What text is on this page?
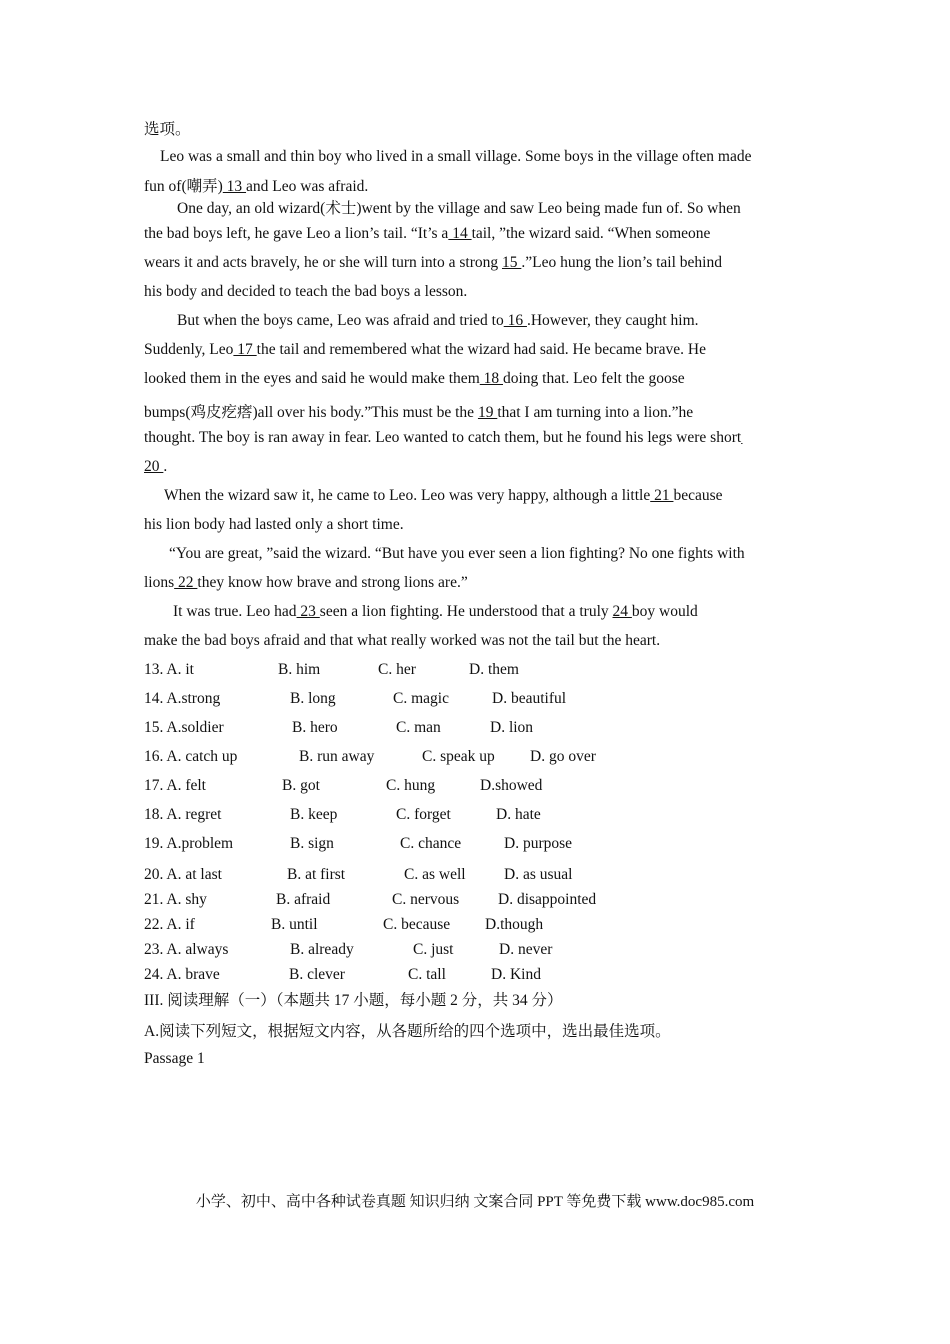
选项。
Leo was a small and thin boy who lived in a small village. Some boys in the village often made
fun of(嘲弄) 13 and Leo was afraid.
One day, an old wizard(术士)went by the village and saw Leo being made fun of. So when
the bad boys left, he gave Leo a lion’s tail. “It’s a 14 tail, ”the wizard said. “When someone
wears it and acts bravely, he or she will turn into a strong 15 .”Leo hung the lion’s tail behind
his body and decided to teach the bad boys a lesson.
But when the boys came, Leo was afraid and tried to 16 .However, they caught him.
Suddenly, Leo 17 the tail and remembered what the wizard had said. He became brave. He
looked them in the eyes and said he would make them 18 doing that. Leo felt the goose
bumps(鸡皮疙瘩)all over his body.”This must be the 19 that I am turning into a lion.”he
thought. The boy is ran away in fear. Leo wanted to catch them, but he found his legs were short 
20 .
When the wizard saw it, he came to Leo. Leo was very happy, although a little 21 because
his lion body had lasted only a short time.
“You are great, ”said the wizard. “But have you ever seen a lion fighting? No one fights with
lions 22 they know how brave and strong lions are.”
It was true. Leo had 23 seen a lion fighting. He understood that a truly 24 boy would
make the bad boys afraid and that what really worked was not the tail but the heart.
13. A. it	B. him	C. her	D. them
14. A.strong	B. long	C. magic	D. beautiful
15. A.soldier	B. hero	C. man	D. lion
16. A. catch up	B. run away	C. speak up D. go over
17. A. felt	B. got	C. hung	D.showed
18. A. regret	B. keep	C. forget	D. hate
19. A.problem	B. sign	C. chance	D. purpose
20. A. at last	B. at first	C. as well D. as usual
21. A. shy	B. afraid	C. nervous	D. disappointed
22. A. if	B. until	C. because D.though
23. A. always	B. already	C. just	D. never
24. A. brave	B. clever	C. tall	D. Kind
III. 阅读理解（一）（本题共 17 小题，每小题 2 分，共 34 分）
A.阅读下列短文，根据短文内容，从各题所给的四个选项中，选出最佳选项。
Passage 1
小学、初中、高中各种试卷真题 知识归纳 文案合同 PPT 等免费下载 www.doc985.com
